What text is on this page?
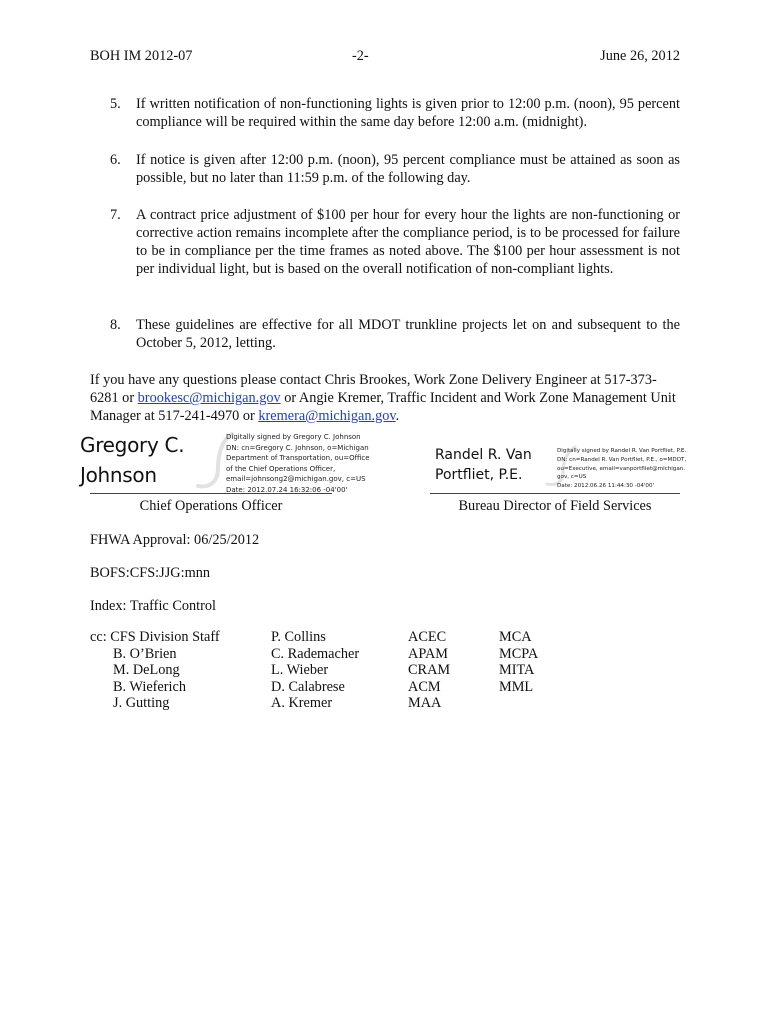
BOH IM 2012-07	-2-	June 26, 2012
5. If written notification of non-functioning lights is given prior to 12:00 p.m. (noon), 95 percent compliance will be required within the same day before 12:00 a.m. (midnight).
6. If notice is given after 12:00 p.m. (noon), 95 percent compliance must be attained as soon as possible, but no later than 11:59 p.m. of the following day.
7. A contract price adjustment of $100 per hour for every hour the lights are non-functioning or corrective action remains incomplete after the compliance period, is to be processed for failure to be in compliance per the time frames as noted above. The $100 per hour assessment is not per individual light, but is based on the overall notification of non-compliant lights.
8. These guidelines are effective for all MDOT trunkline projects let on and subsequent to the October 5, 2012, letting.
If you have any questions please contact Chris Brookes, Work Zone Delivery Engineer at 517-373-6281 or brookesc@michigan.gov or Angie Kremer, Traffic Incident and Work Zone Management Unit Manager at 517-241-4970 or kremera@michigan.gov.
Gregory C.
Johnson
Digitally signed by Gregory C. Johnson
DN: cn=Gregory C. Johnson, o=Michigan
Department of Transportation, ou=Office
of the Chief Operations Officer,
email=johnsong2@michigan.gov, c=US
Date: 2012.07.24 16:32:06 -04'00'
Chief Operations Officer
Randel R. Van
Portfliet, P.E.
Digitally signed by Randel R. Van Portfliet, P.E.
DN: cn=Randel R. Van Portfliet, P.E., o=MDOT,
ou=Executive, email=vanportfliet@michigan.
gov, c=US
Date: 2012.06.26 11:44:30 -04'00'
Bureau Director of Field Services
FHWA Approval: 06/25/2012
BOFS:CFS:JJG:mnn
Index: Traffic Control
cc: CFS Division Staff
B. O’Brien
M. DeLong
B. Wieferich
J. Gutting
P. Collins
C. Rademacher
L. Wieber
D. Calabrese
A. Kremer
ACEC
APAM
CRAM
ACM
MAA
MCA
MCPA
MITA
MML
